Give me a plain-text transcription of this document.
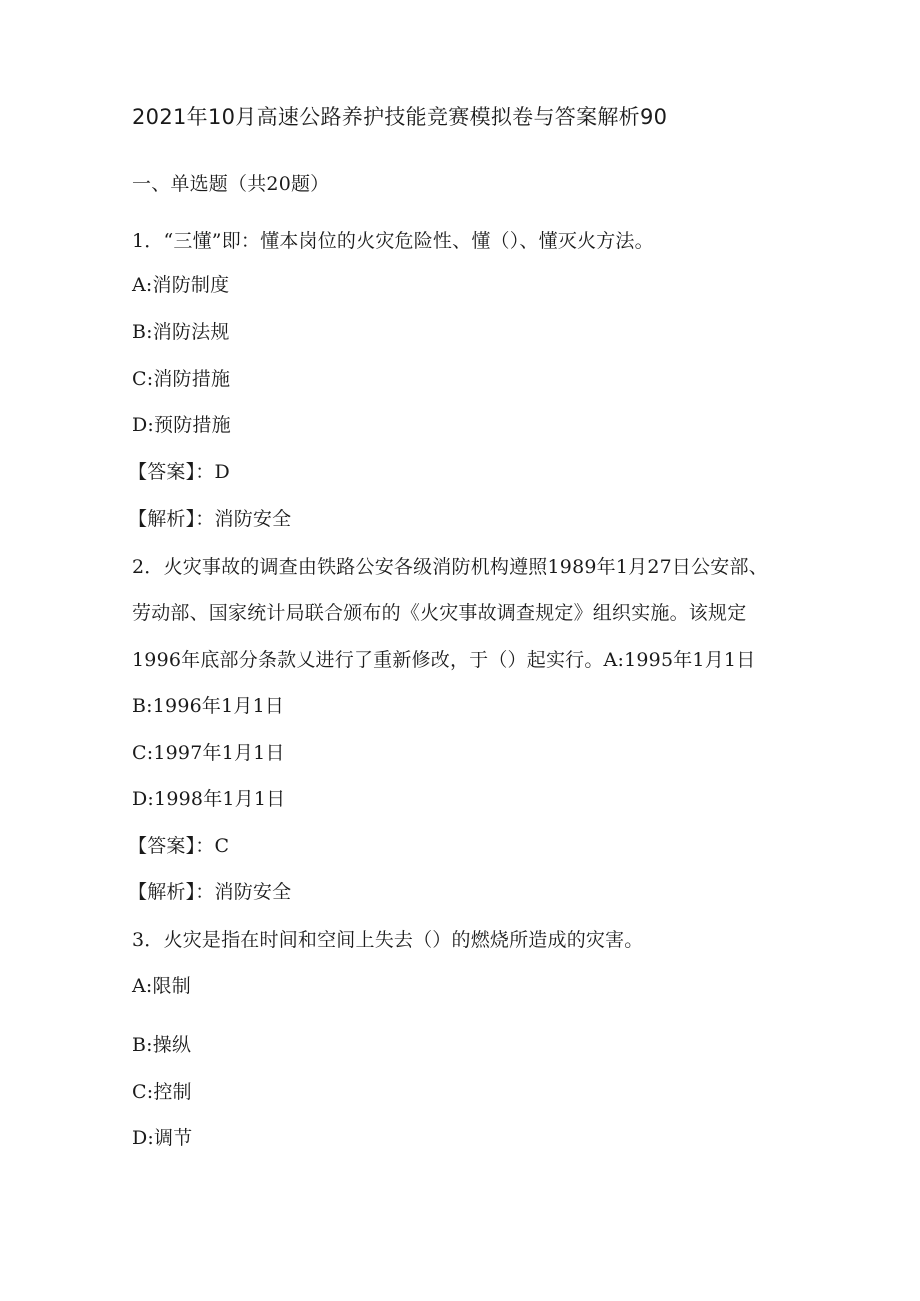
2021年10月高速公路养护技能竞赛模拟卷与答案解析90
一、单选题（共20题）
1．“三懂”即：懂本岗位的火灾危险性、懂（）、懂灭火方法。
A:消防制度
B:消防法规
C:消防措施
D:预防措施
【答案】：D
【解析】：消防安全
2．火灾事故的调查由铁路公安各级消防机构遵照1989年1月27日公安部、
劳动部、国家统计局联合颁布的《火灾事故调查规定》组织实施。该规定
1996年底部分条款乂进行了重新修改，于（）起实行。A:1995年1月1日
B:1996年1月1日
C:1997年1月1日
D:1998年1月1日
【答案】：C
【解析】：消防安全
3．火灾是指在时间和空间上失去（）的燃烧所造成的灾害。
A:限制
B:操纵
C:控制
D:调节
